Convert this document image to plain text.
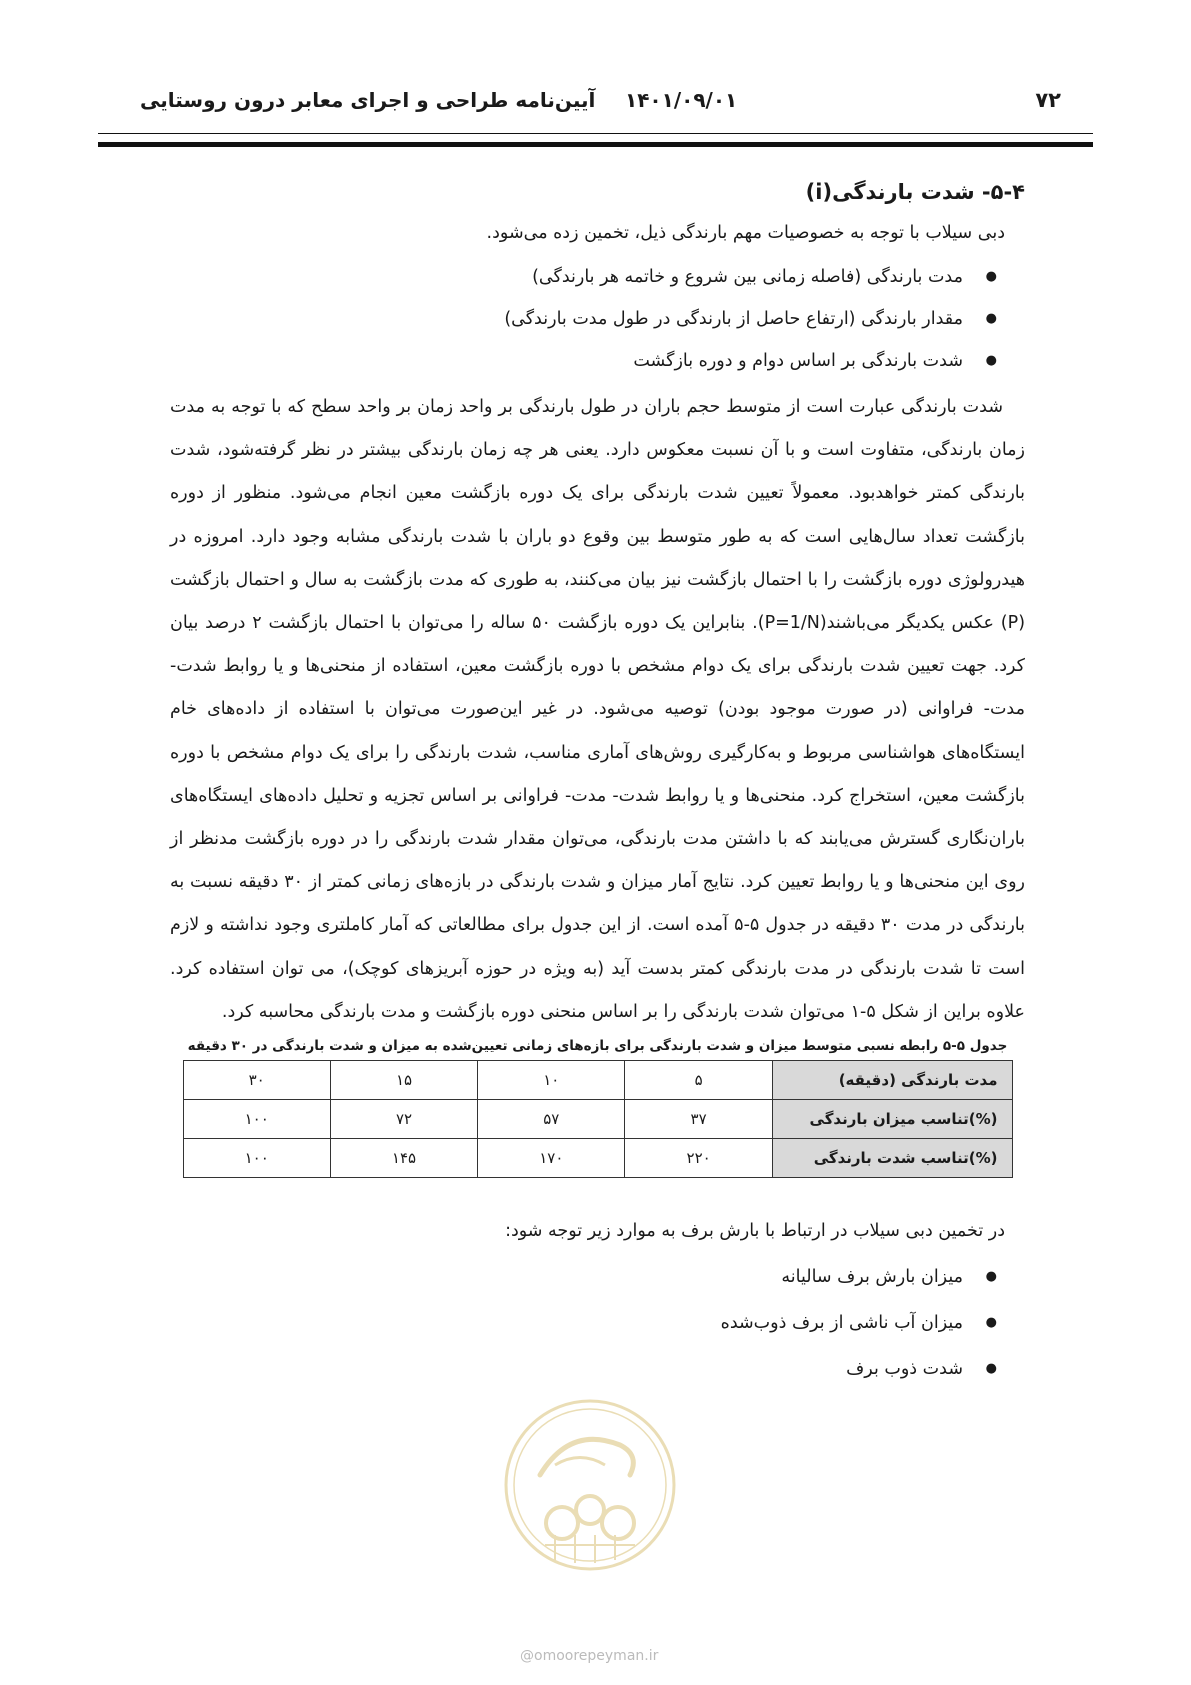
۷۲
۱۴۰۱/۰۹/۰۱
آیین‌نامه طراحی و اجرای معابر درون روستایی
۵-۴- شدت بارندگی(i)
دبی سیلاب با توجه به خصوصیات مهم بارندگی ذیل، تخمین زده می‌شود.
● مدت بارندگی (فاصله زمانی بین شروع و خاتمه هر بارندگی)
● مقدار بارندگی (ارتفاع حاصل از بارندگی در طول مدت بارندگی)
● شدت بارندگی بر اساس دوام و دوره بازگشت

شدت بارندگی عبارت است از متوسط حجم باران در طول بارندگی بر واحد زمان بر واحد سطح که با توجه به مدت زمان بارندگی، متفاوت است و با آن نسبت معکوس دارد. یعنی هر چه زمان بارندگی بیشتر در نظر گرفته‌شود، شدت بارندگی کمتر خواهدبود. معمولاً تعیین شدت بارندگی برای یک دوره بازگشت معین انجام می‌شود. منظور از دوره بازگشت تعداد سال‌هایی است که به طور متوسط بین وقوع دو باران با شدت بارندگی مشابه وجود دارد. امروزه در هیدرولوژی دوره بازگشت را با احتمال بازگشت نیز بیان می‌کنند، به طوری که مدت بازگشت به سال و احتمال بازگشت (P) عکس یکدیگر می‌باشند(P=1/N). بنابراین یک دوره بازگشت ۵۰ ساله را می‌توان با احتمال بازگشت ۲ درصد بیان کرد. جهت تعیین شدت بارندگی برای یک دوام مشخص با دوره بازگشت معین، استفاده از منحنی‌ها و یا روابط شدت- مدت- فراوانی (در صورت موجود بودن) توصیه می‌شود. در غیر این‌صورت می‌توان با استفاده از داده‌های خام ایستگاه‌های هواشناسی مربوط و به‌کارگیری روش‌های آماری مناسب، شدت بارندگی را برای یک دوام مشخص با دوره بازگشت معین، استخراج کرد. منحنی‌ها و یا روابط شدت- مدت- فراوانی بر اساس تجزیه و تحلیل داده‌های ایستگاه‌های باران‌نگاری گسترش می‌یابند که با داشتن مدت بارندگی، می‌توان مقدار شدت بارندگی را در دوره بازگشت مدنظر از روی این منحنی‌ها و یا روابط تعیین کرد. نتایج آمار میزان و شدت بارندگی در بازه‌های زمانی کمتر از ۳۰ دقیقه نسبت به بارندگی در مدت ۳۰ دقیقه در جدول ۵-۵ آمده است. از این جدول برای مطالعاتی که آمار کاملتری وجود نداشته و لازم است تا شدت بارندگی در مدت بارندگی کمتر بدست آید (به ویژه در حوزه آبریزهای کوچک)، می توان استفاده کرد. علاوه براین از شکل ۵-۱ می‌توان شدت بارندگی را بر اساس منحنی دوره بازگشت و مدت بارندگی محاسبه کرد.

جدول ۵-۵ رابطه نسبی متوسط میزان و شدت بارندگی برای بازه‌های زمانی تعیین‌شده به میزان و شدت بارندگی در ۳۰ دقیقه
مدت بارندگی (دقیقه)	۵	۱۰	۱۵	۳۰
(%)تناسب میزان بارندگی	۳۷	۵۷	۷۲	۱۰۰
(%)تناسب شدت بارندگی	۲۲۰	۱۷۰	۱۴۵	۱۰۰
در تخمین دبی سیلاب در ارتباط با بارش برف به موارد زیر توجه شود:
● میزان بارش برف سالیانه
● میزان آب ناشی از برف ذوب‌شده
● شدت ذوب برف
@omoorepeyman.ir
